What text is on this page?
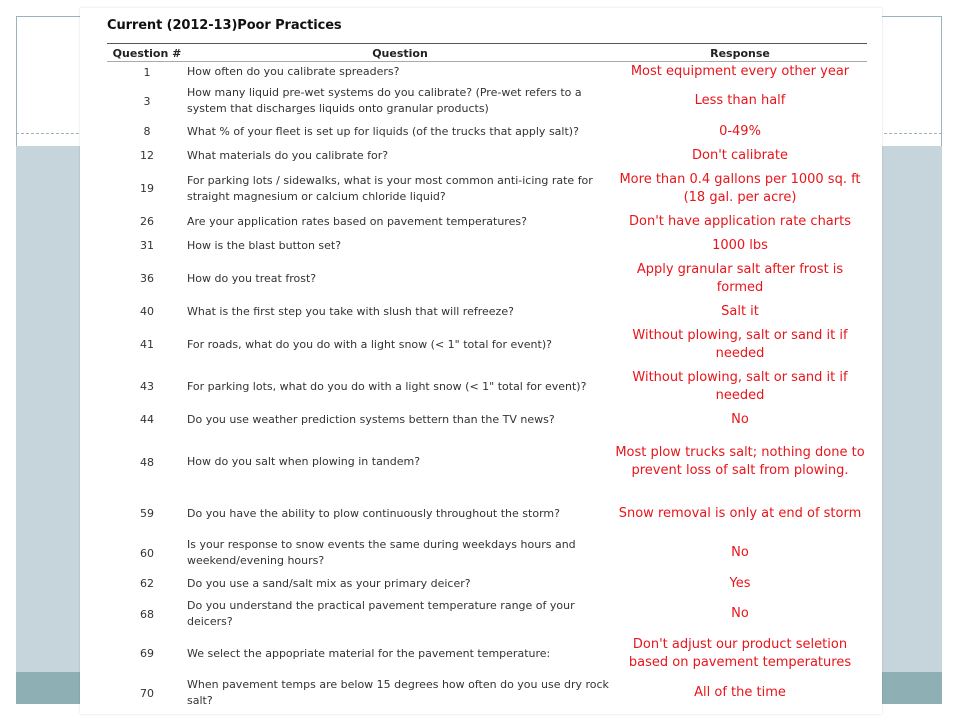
Current (2012-13)Poor Practices
Question #	Question	Response
1	How often do you calibrate spreaders?	Most equipment every other year
3	How many liquid pre-wet systems do you calibrate? (Pre-wet refers to a system that discharges liquids onto granular products)	Less than half
8	What % of your fleet is set up for liquids (of the trucks that apply salt)?	0-49%
12	What materials do you calibrate for?	Don't calibrate
19	For parking lots / sidewalks, what is your most common anti-icing rate for straight magnesium or calcium chloride liquid?	More than 0.4 gallons per 1000 sq. ft (18 gal. per acre)
26	Are your application rates based on pavement temperatures?	Don't have application rate charts
31	How is the blast button set?	1000 lbs
36	How do you treat frost?	Apply granular salt after frost is formed
40	What is the first step you take with slush that will refreeze?	Salt it
41	For roads, what do you do with a light snow (< 1" total for event)?	Without plowing, salt or sand it if needed
43	For parking lots, what do you do with a light snow (< 1" total for event)?	Without plowing, salt or sand it if needed
44	Do you use weather prediction systems bettern than the TV news?	No
48	How do you salt when plowing in tandem?	Most plow trucks salt; nothing done to prevent loss of salt from plowing.
59	Do you have the ability to plow continuously throughout the storm?	Snow removal is only at end of storm
60	Is your response to snow events the same during weekdays hours and weekend/evening hours?	No
62	Do you use a sand/salt mix as your primary deicer?	Yes
68	Do you understand the practical pavement temperature range of your deicers?	No
69	We select the appopriate material for the pavement temperature:	Don't adjust our product seletion based on pavement temperatures
70	When pavement temps are below 15 degrees how often do you use dry rock salt?	All of the time
